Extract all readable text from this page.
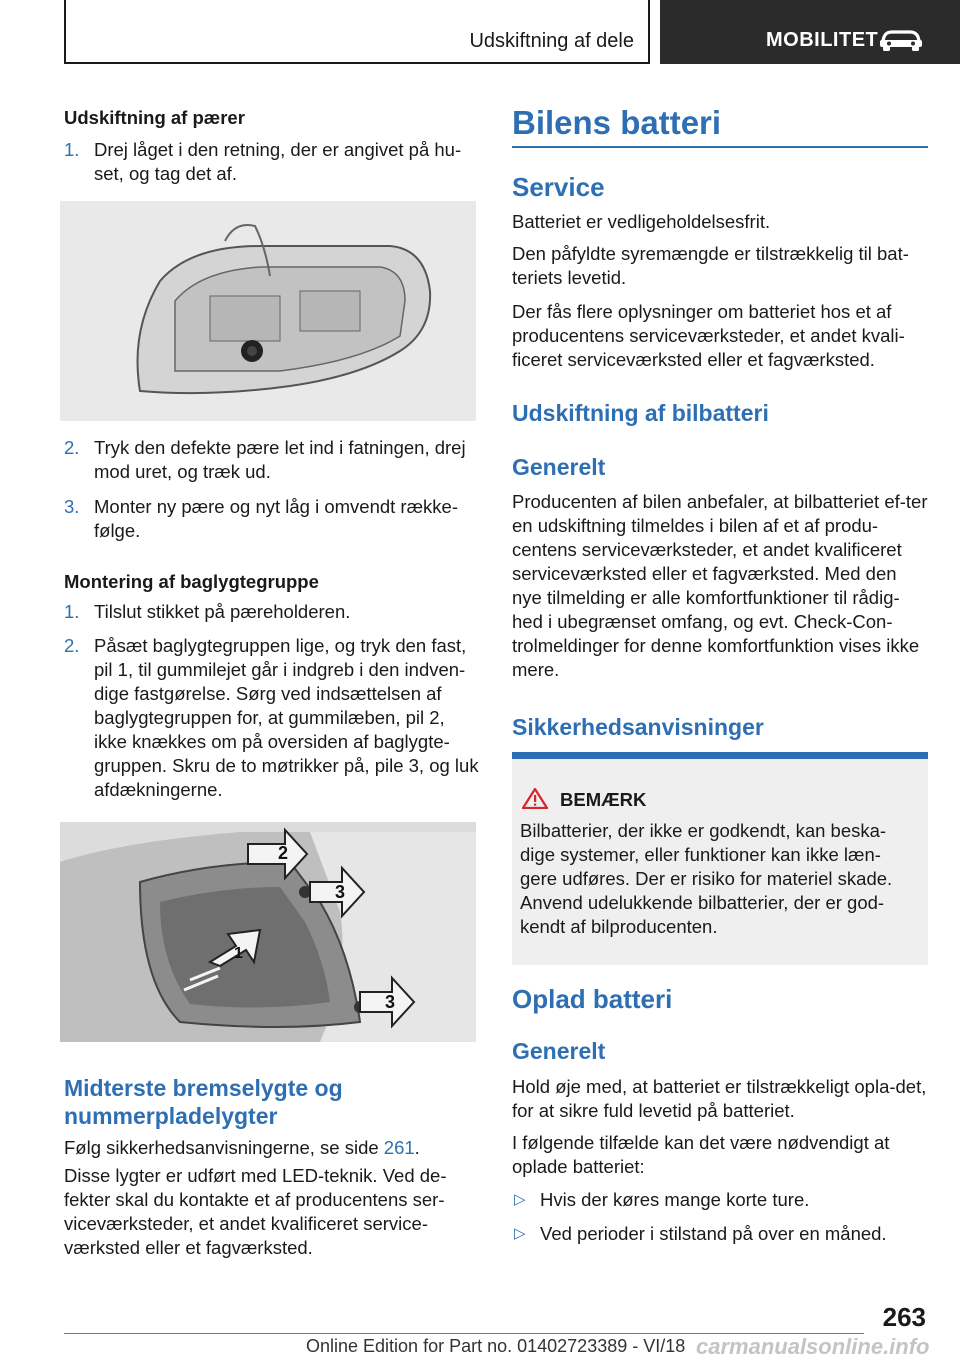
Udskiftning af dele	MOBILITET
Udskiftning af pærer
1. Drej låget i den retning, der er angivet på hu-set, og tag det af.
2. Tryk den defekte pære let ind i fatningen, drej mod uret, og træk ud.
3. Monter ny pære og nyt låg i omvendt række-følge.
Montering af baglygtegruppe
1. Tilslut stikket på pæreholderen.
2. Påsæt baglygtegruppen lige, og tryk den fast, pil 1, til gummilejet går i indgreb i den indven-dige fastgørelse. Sørg ved indsættelsen af baglygtegruppen for, at gummilæben, pil 2, ikke knækkes om på oversiden af baglygte-gruppen. Skru de to møtrikker på, pile 3, og luk afdækningerne.
2
3
1
3
Midterste bremselygte og nummerpladelygter
Følg sikkerhedsanvisningerne, se side 261.
Disse lygter er udført med LED-teknik. Ved de-fekter skal du kontakte et af producentens ser-viceværksteder, et andet kvalificeret service-værksted eller et fagværksted.
Bilens batteri
Service
Batteriet er vedligeholdelsesfrit.
Den påfyldte syremængde er tilstrækkelig til bat-teriets levetid.
Der fås flere oplysninger om batteriet hos et af producentens serviceværksteder, et andet kvali-ficeret serviceværksted eller et fagværksted.
Udskiftning af bilbatteri
Generelt
Producenten af bilen anbefaler, at bilbatteriet ef-ter en udskiftning tilmeldes i bilen af et af produ-centens serviceværksteder, et andet kvalificeret serviceværksted eller et fagværksted. Med den nye tilmelding er alle komfortfunktioner til rådig-hed i ubegrænset omfang, og evt. Check-Con-trolmeldinger for denne komfortfunktion vises ikke mere.
Sikkerhedsanvisninger
BEMÆRK
Bilbatterier, der ikke er godkendt, kan beska-dige systemer, eller funktioner kan ikke læn-gere udføres. Der er risiko for materiel skade. Anvend udelukkende bilbatterier, der er god-kendt af bilproducenten.
Oplad batteri
Generelt
Hold øje med, at batteriet er tilstrækkeligt opla-det, for at sikre fuld levetid på batteriet.
I følgende tilfælde kan det være nødvendigt at oplade batteriet:
▷ Hvis der køres mange korte ture.
▷ Ved perioder i stilstand på over en måned.
263
Online Edition for Part no. 01402723389 - VI/18 carmanualsonline.info
